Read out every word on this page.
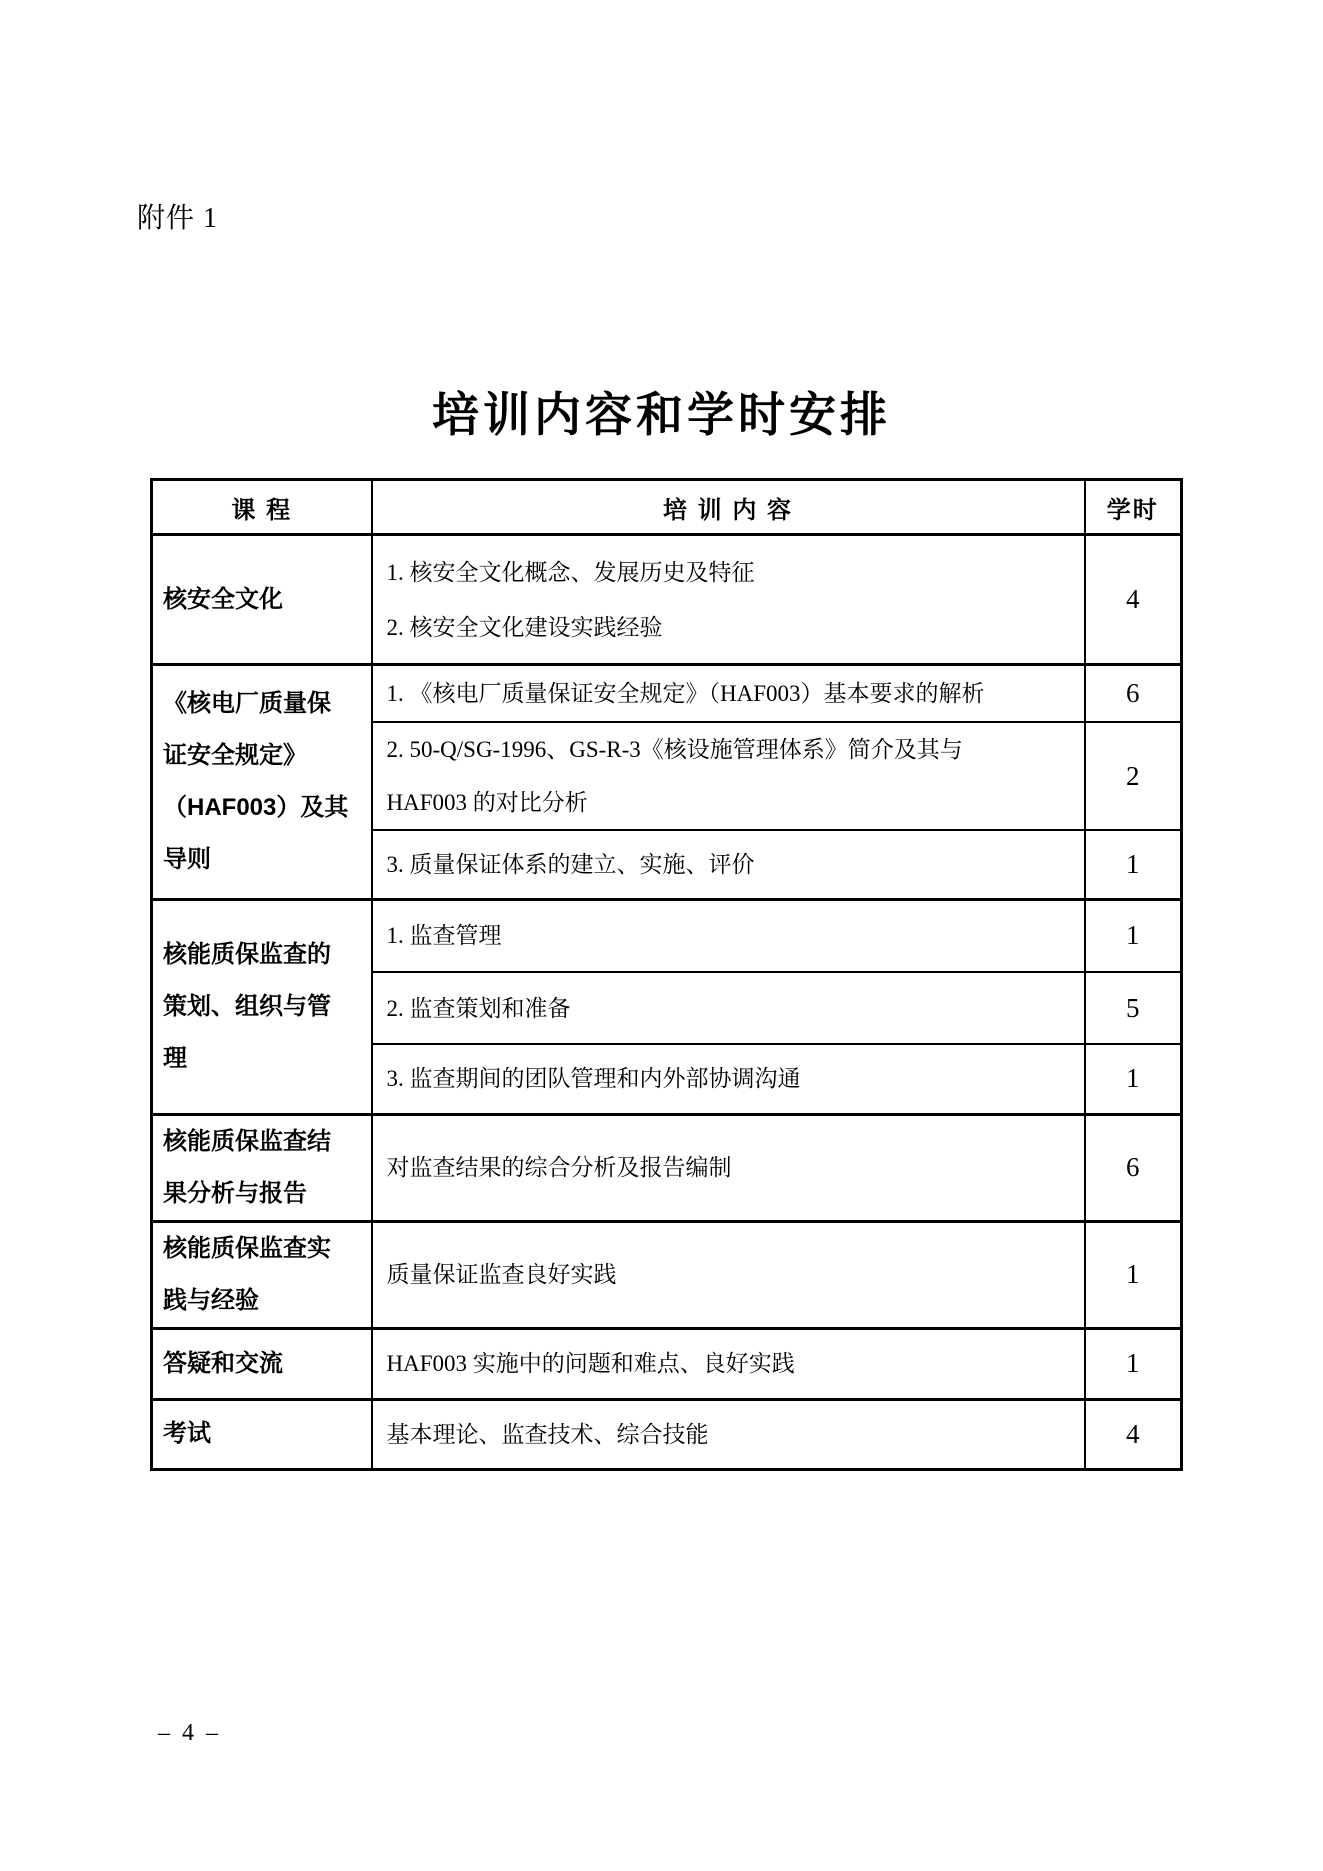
附件 1
培训内容和学时安排
课 程	培 训 内 容	学时

核安全文化	1. 核安全文化概念、发展历史及特征
2. 核安全文化建设实践经验	4

《核电厂质量保
证安全规定》
（HAF003）及其
导则	1. 《核电厂质量保证安全规定》（HAF003）基本要求的解析	6

	2. 50-Q/SG-1996、GS-R-3《核设施管理体系》简介及其与
HAF003 的对比分析	2

	3. 质量保证体系的建立、实施、评价	1

核能质保监查的
策划、组织与管
理	1. 监查管理	1

	2. 监查策划和准备	5

	3. 监查期间的团队管理和内外部协调沟通	1

核能质保监查结
果分析与报告	对监查结果的综合分析及报告编制	6

核能质保监查实
践与经验	质量保证监查良好实践	1

答疑和交流	HAF003 实施中的问题和难点、良好实践	1

考试	基本理论、监查技术、综合技能	4
– 4 –
